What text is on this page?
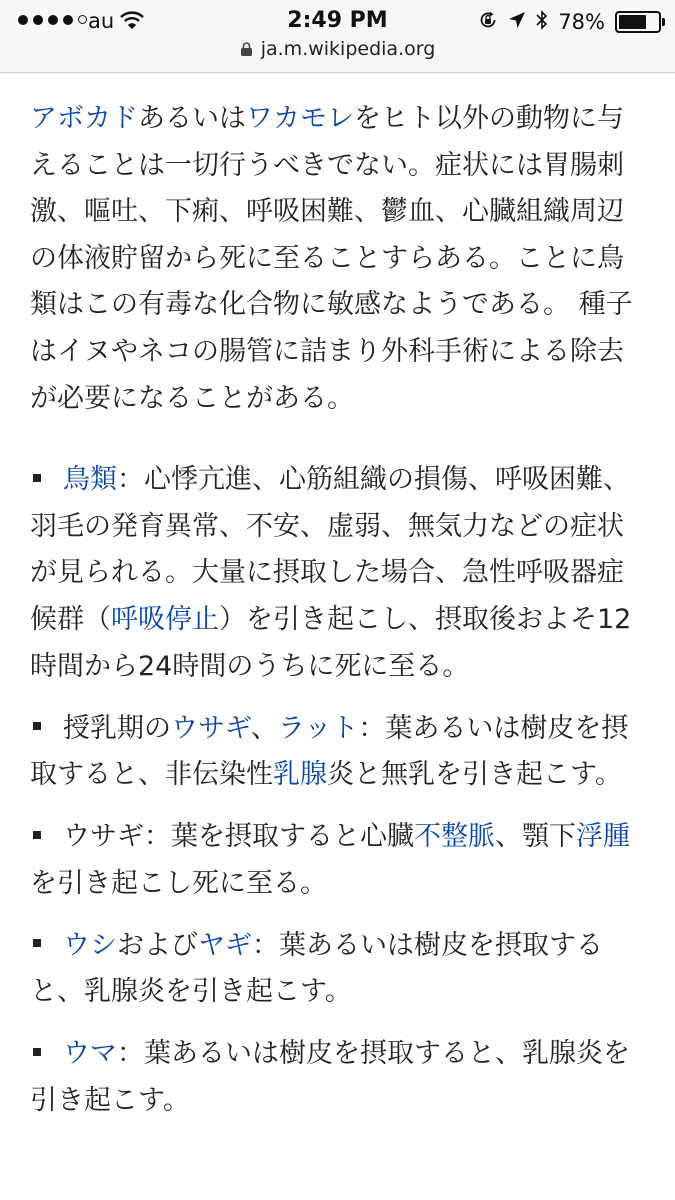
au	2:49 PM	78%
ja.m.wikipedia.org

アボカドあるいはワカモレをヒト以外の動物に与えることは一切行うべきでない。症状には胃腸刺激、嘔吐、下痢、呼吸困難、鬱血、心臓組織周辺の体液貯留から死に至ることすらある。ことに鳥類はこの有毒な化合物に敏感なようである。 種子はイヌやネコの腸管に詰まり外科手術による除去が必要になることがある。

鳥類：心悸亢進、心筋組織の損傷、呼吸困難、羽毛の発育異常、不安、虚弱、無気力などの症状が見られる。大量に摂取した場合、急性呼吸器症候群（呼吸停止）を引き起こし、摂取後およそ12時間から24時間のうちに死に至る。
授乳期のウサギ、ラット：葉あるいは樹皮を摂取すると、非伝染性乳腺炎と無乳を引き起こす。
ウサギ：葉を摂取すると心臓不整脈、顎下浮腫を引き起こし死に至る。
ウシおよびヤギ：葉あるいは樹皮を摂取すると、乳腺炎を引き起こす。
ウマ：葉あるいは樹皮を摂取すると、乳腺炎を引き起こす。
